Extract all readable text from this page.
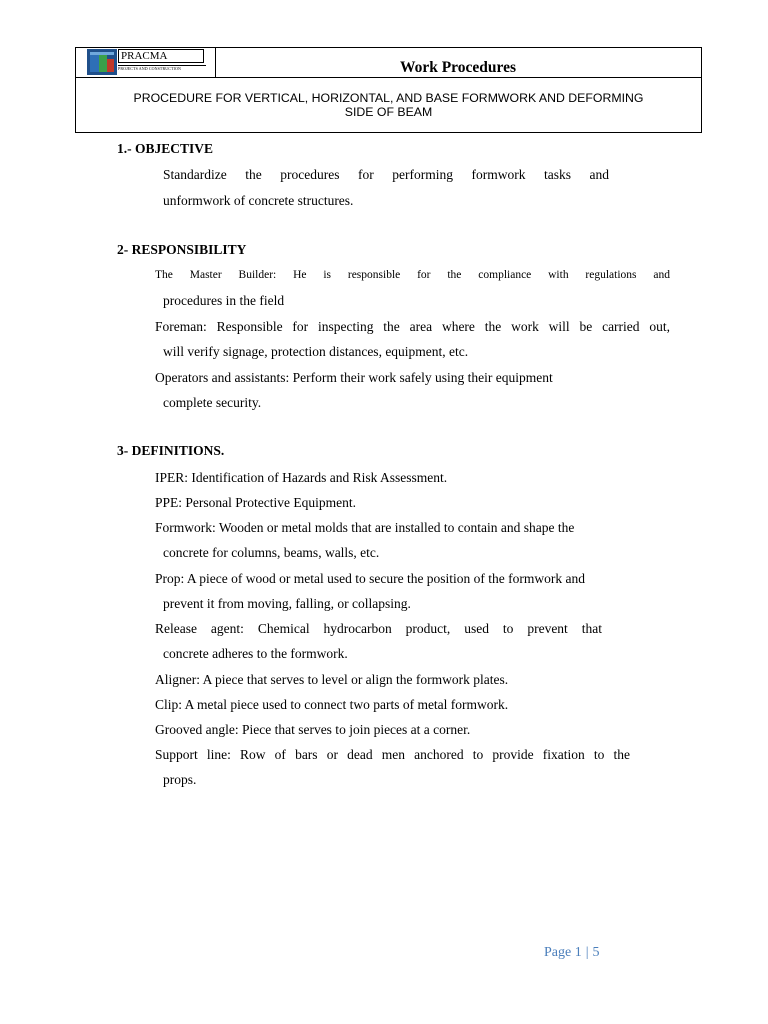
PRACMA
PROJECTS AND CONSTRUCTION	Work Procedures
PROCEDURE FOR VERTICAL, HORIZONTAL, AND BASE FORMWORK AND DEFORMING SIDE OF BEAM
1.- OBJECTIVE
Standardize the procedures for performing formwork tasks and
unformwork of concrete structures.
2- RESPONSIBILITY
The Master Builder: He is responsible for the compliance with regulations and
procedures in the field
Foreman: Responsible for inspecting the area where the work will be carried out,
will verify signage, protection distances, equipment, etc.
Operators and assistants: Perform their work safely using their equipment
complete security.
3- DEFINITIONS.
IPER: Identification of Hazards and Risk Assessment.
PPE: Personal Protective Equipment.
Formwork: Wooden or metal molds that are installed to contain and shape the
concrete for columns, beams, walls, etc.
Prop: A piece of wood or metal used to secure the position of the formwork and
prevent it from moving, falling, or collapsing.
Release agent: Chemical hydrocarbon product, used to prevent that
concrete adheres to the formwork.
Aligner: A piece that serves to level or align the formwork plates.
Clip: A metal piece used to connect two parts of metal formwork.
Grooved angle: Piece that serves to join pieces at a corner.
Support line: Row of bars or dead men anchored to provide fixation to the
props.
Page 1 | 5
